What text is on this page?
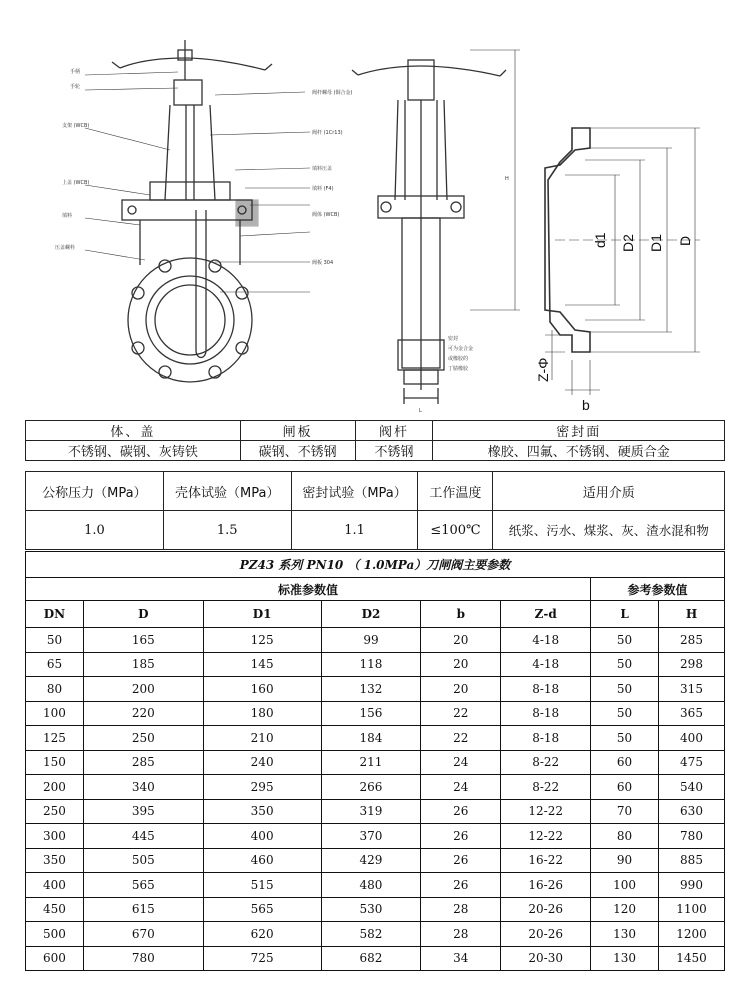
手柄
手轮
支架 (WCB)
上盖 (WCB)
填料
压盖螺栓
阀杆螺母 (铜合金)
阀杆 (1Cr13)
填料压盖
填料 (F4)
阀体 (WCB)
阀板 304
密封
可为金合金
或橡胶的
丁腈橡胶
L
H
d1 D2 D1 D
Z-Φ
b
体、盖	闸板	阀杆	密封面
不锈钢、碳钢、灰铸铁	碳钢、不锈钢	不锈钢	橡胶、四氟、不锈钢、硬质合金
公称压力（MPa）	壳体试验（MPa）	密封试验（MPa）	工作温度	适用介质
1.0	1.5	1.1	≤100℃	纸浆、污水、煤浆、灰、渣水混和物
PZ43 系列 PN10 （ 1.0MPa）刀闸阀主要参数							
标准参数值						参考参数值	
DN	D	D1	D2	b	Z-d	L	H
50	165	125	99	20	4-18	50	285
65	185	145	118	20	4-18	50	298
80	200	160	132	20	8-18	50	315
100	220	180	156	22	8-18	50	365
125	250	210	184	22	8-18	50	400
150	285	240	211	24	8-22	60	475
200	340	295	266	24	8-22	60	540
250	395	350	319	26	12-22	70	630
300	445	400	370	26	12-22	80	780
350	505	460	429	26	16-22	90	885
400	565	515	480	26	16-26	100	990
450	615	565	530	28	20-26	120	1100
500	670	620	582	28	20-26	130	1200
600	780	725	682	34	20-30	130	1450
